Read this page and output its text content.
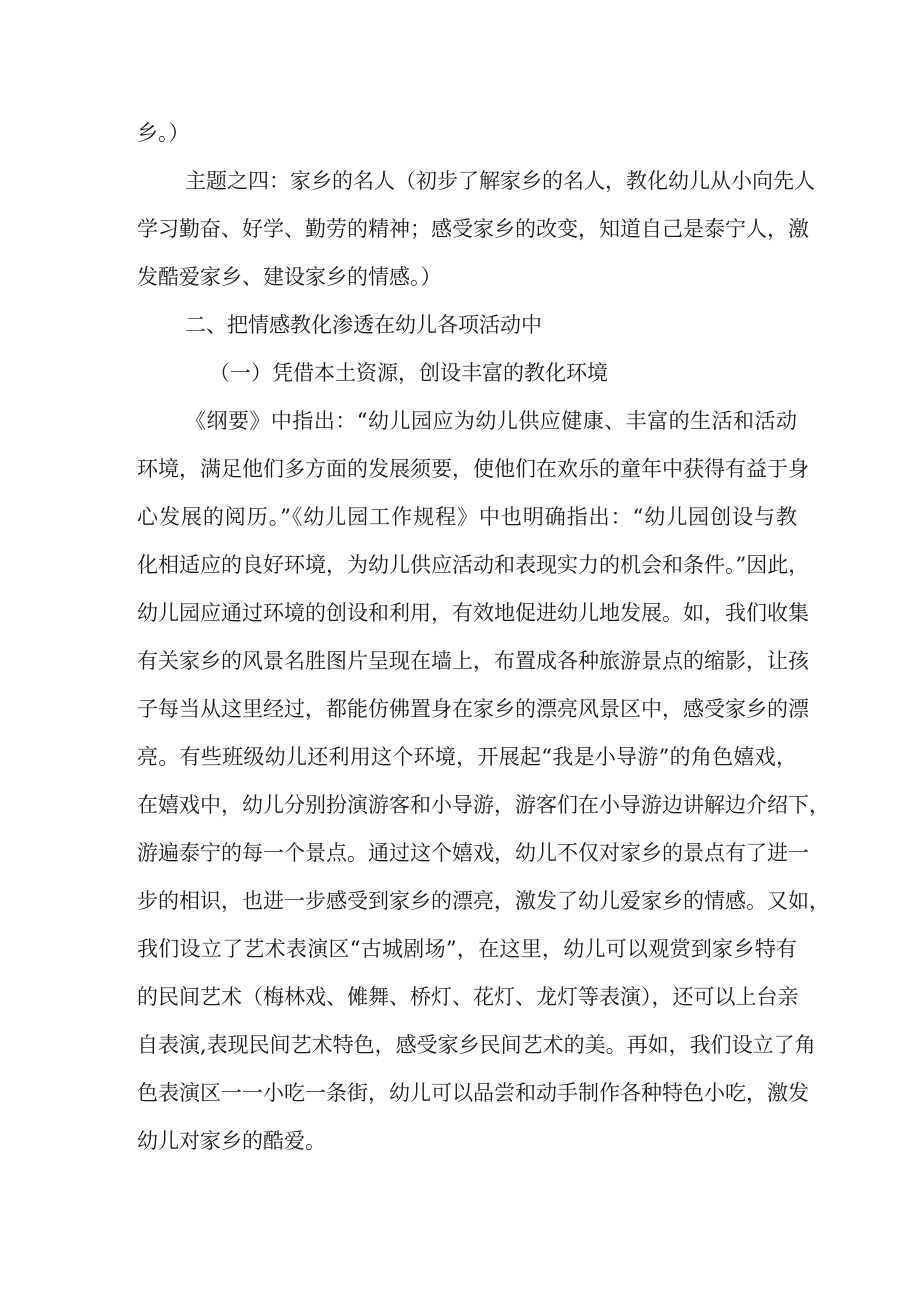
乡。）
主题之四：家乡的名人（初步了解家乡的名人，教化幼儿从小向先人
学习勤奋、好学、勤劳的精神；感受家乡的改变，知道自己是泰宁人，激
发酷爱家乡、建设家乡的情感。）
二、把情感教化渗透在幼儿各项活动中
（一）凭借本土资源，创设丰富的教化环境
《纲要》中指出：“幼儿园应为幼儿供应健康、丰富的生活和活动
环境，满足他们多方面的发展须要，使他们在欢乐的童年中获得有益于身
心发展的阅历。”《幼儿园工作规程》中也明确指出：“幼儿园创设与教
化相适应的良好环境，为幼儿供应活动和表现实力的机会和条件。”因此，
幼儿园应通过环境的创设和利用，有效地促进幼儿地发展。如，我们收集
有关家乡的风景名胜图片呈现在墙上，布置成各种旅游景点的缩影，让孩
子每当从这里经过，都能仿佛置身在家乡的漂亮风景区中，感受家乡的漂
亮。有些班级幼儿还利用这个环境，开展起“我是小导游”的角色嬉戏，
在嬉戏中，幼儿分别扮演游客和小导游，游客们在小导游边讲解边介绍下，
游遍泰宁的每一个景点。通过这个嬉戏，幼儿不仅对家乡的景点有了进一
步的相识，也进一步感受到家乡的漂亮，激发了幼儿爱家乡的情感。又如，
我们设立了艺术表演区“古城剧场”，在这里，幼儿可以观赏到家乡特有
的民间艺术（梅林戏、傩舞、桥灯、花灯、龙灯等表演），还可以上台亲
自表演,表现民间艺术特色，感受家乡民间艺术的美。再如，我们设立了角
色表演区一一小吃一条街，幼儿可以品尝和动手制作各种特色小吃，激发
幼儿对家乡的酷爱。
